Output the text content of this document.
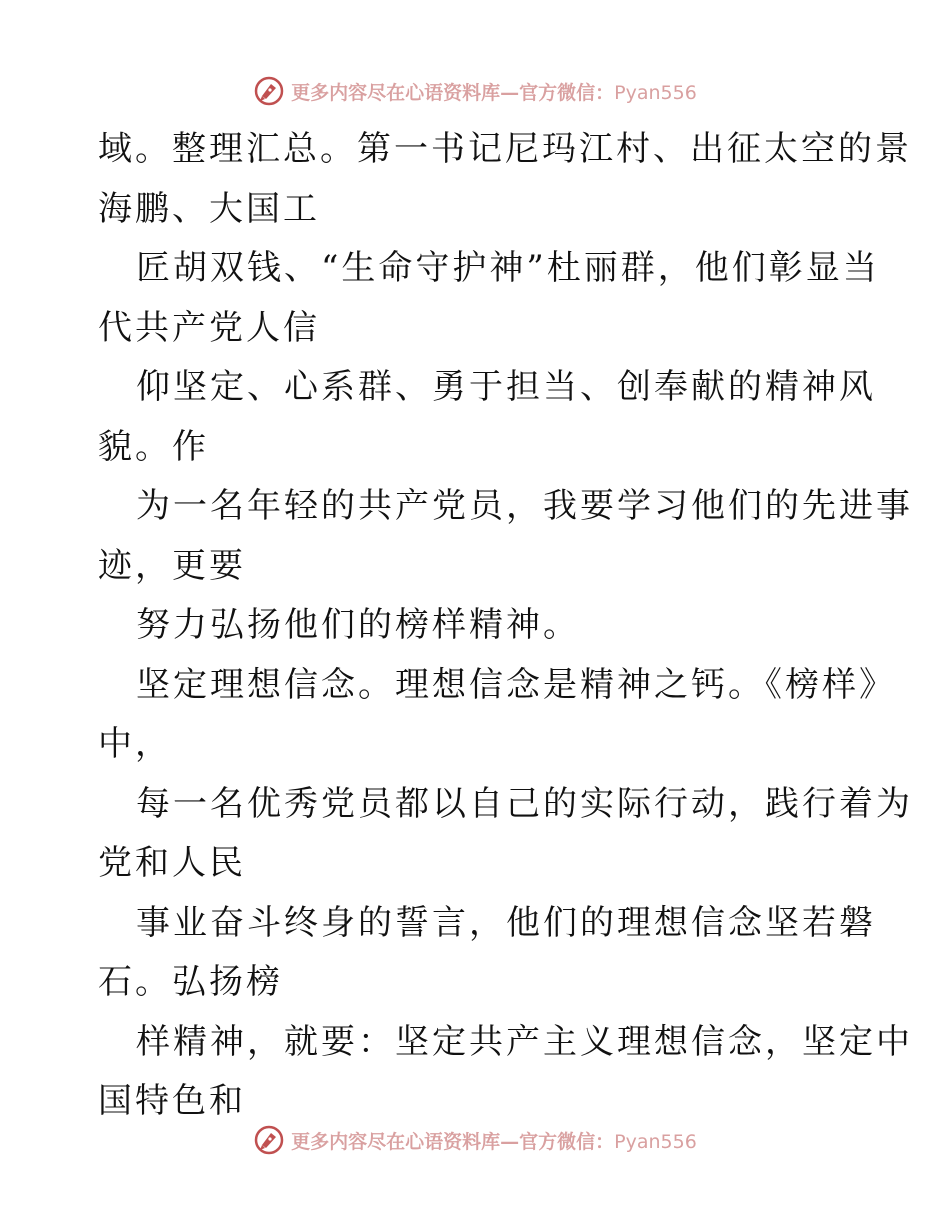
更多内容尽在心语资料库—官方微信：Pyan556
域。整理汇总。第一书记尼玛江村、出征太空的景
海鹏、大国工
匠胡双钱、“生命守护神”杜丽群，他们彰显当
代共产党人信
仰坚定、心系群、勇于担当、创奉献的精神风
貌。作
为一名年轻的共产党员，我要学习他们的先进事
迹，更要
努力弘扬他们的榜样精神。
坚定理想信念。理想信念是精神之钙。《榜样》
中，
每一名优秀党员都以自己的实际行动，践行着为
党和人民
事业奋斗终身的誓言，他们的理想信念坚若磐
石。弘扬榜
样精神，就要：坚定共产主义理想信念，坚定中
国特色和
更多内容尽在心语资料库—官方微信：Pyan556
